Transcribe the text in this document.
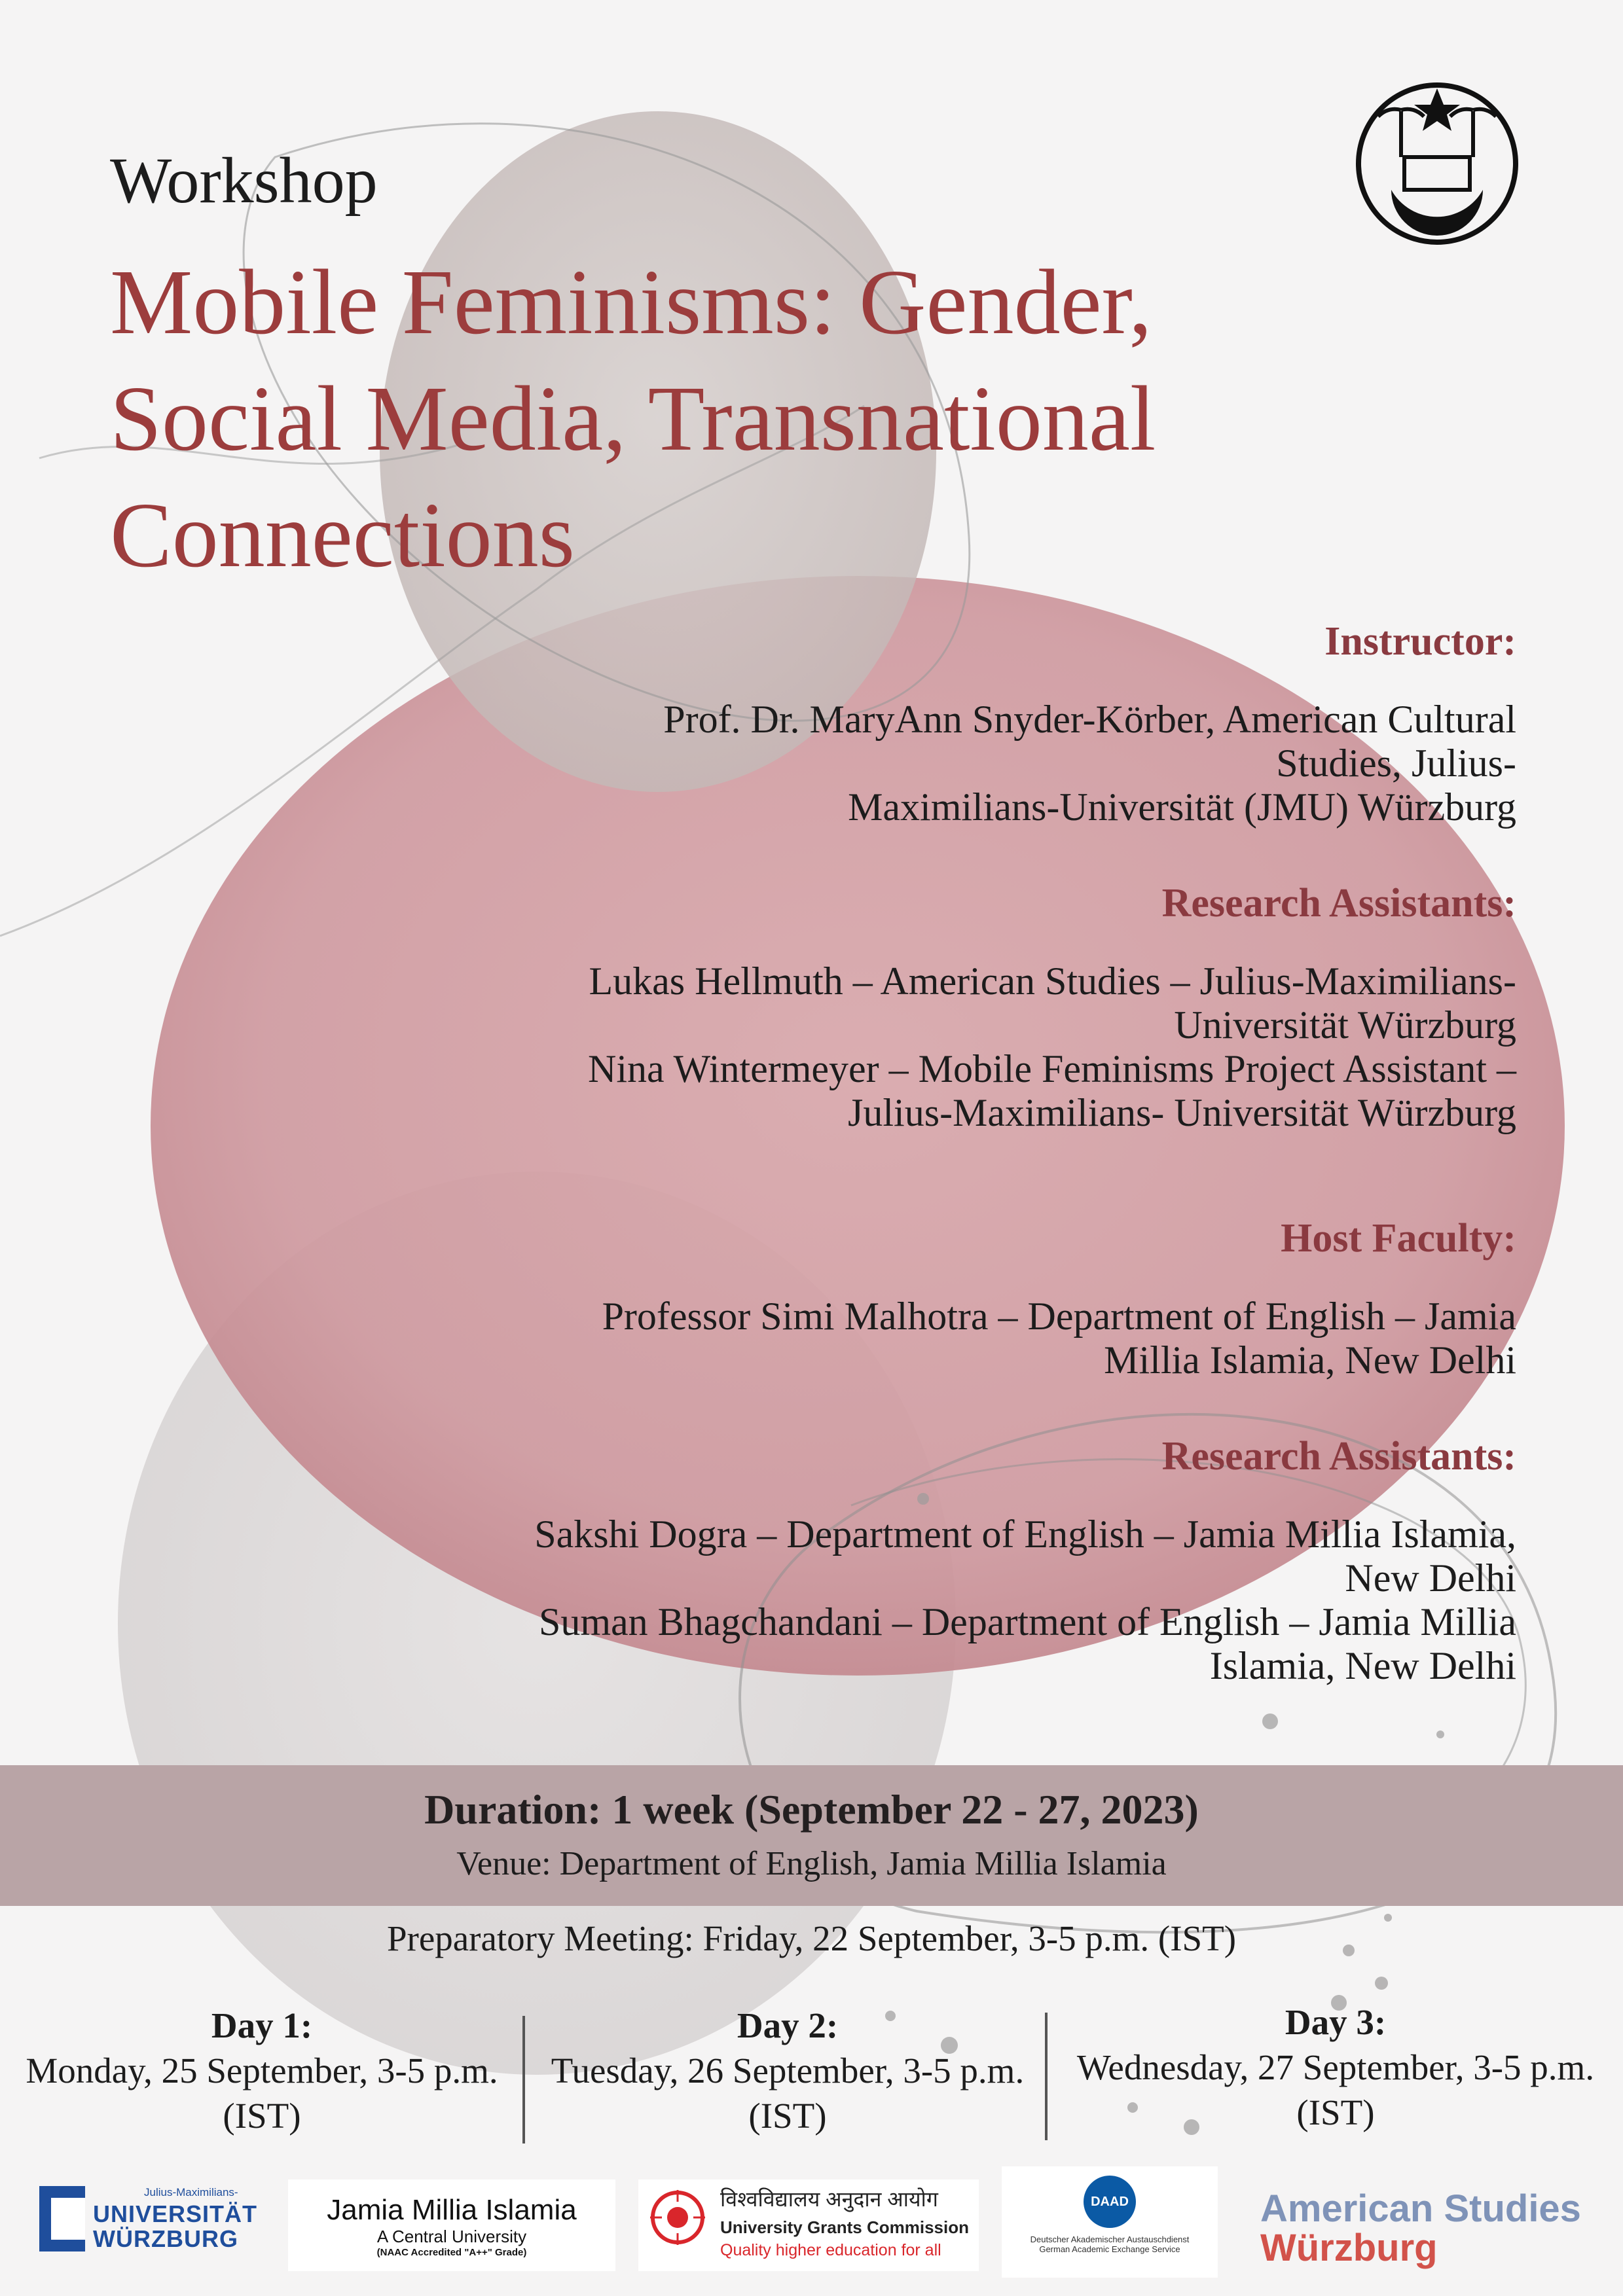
Workshop
Mobile Feminisms: Gender,
Social Media, Transnational
Connections
Instructor:
Prof. Dr. MaryAnn Snyder-Körber, American Cultural
Studies, Julius-
Maximilians-Universität (JMU) Würzburg
Research Assistants:
Lukas Hellmuth – American Studies – Julius-Maximilians-
Universität Würzburg
Nina Wintermeyer – Mobile Feminisms Project Assistant –
Julius-Maximilians- Universität Würzburg
Host Faculty:
Professor Simi Malhotra – Department of English – Jamia
Millia Islamia, New Delhi
Research Assistants:
Sakshi Dogra – Department of English – Jamia Millia Islamia,
New Delhi
Suman Bhagchandani – Department of English – Jamia Millia
Islamia, New Delhi
Duration: 1 week (September 22 - 27, 2023)
Venue: Department of English, Jamia Millia Islamia
Preparatory Meeting: Friday, 22 September, 3-5 p.m. (IST)
Day 1:
Monday, 25 September, 3-5 p.m.
(IST)
Day 2:
Tuesday, 26 September, 3-5 p.m.
(IST)
Day 3:
Wednesday, 27 September, 3-5 p.m.
(IST)
Julius-Maximilians-
UNIVERSITÄT
WÜRZBURG
Jamia Millia Islamia
A Central University
(NAAC Accredited "A++" Grade)
विश्वविद्यालय अनुदान आयोग
University Grants Commission
Quality higher education for all
DAAD
Deutscher Akademischer Austauschdienst
German Academic Exchange Service
American Studies
Würzburg
